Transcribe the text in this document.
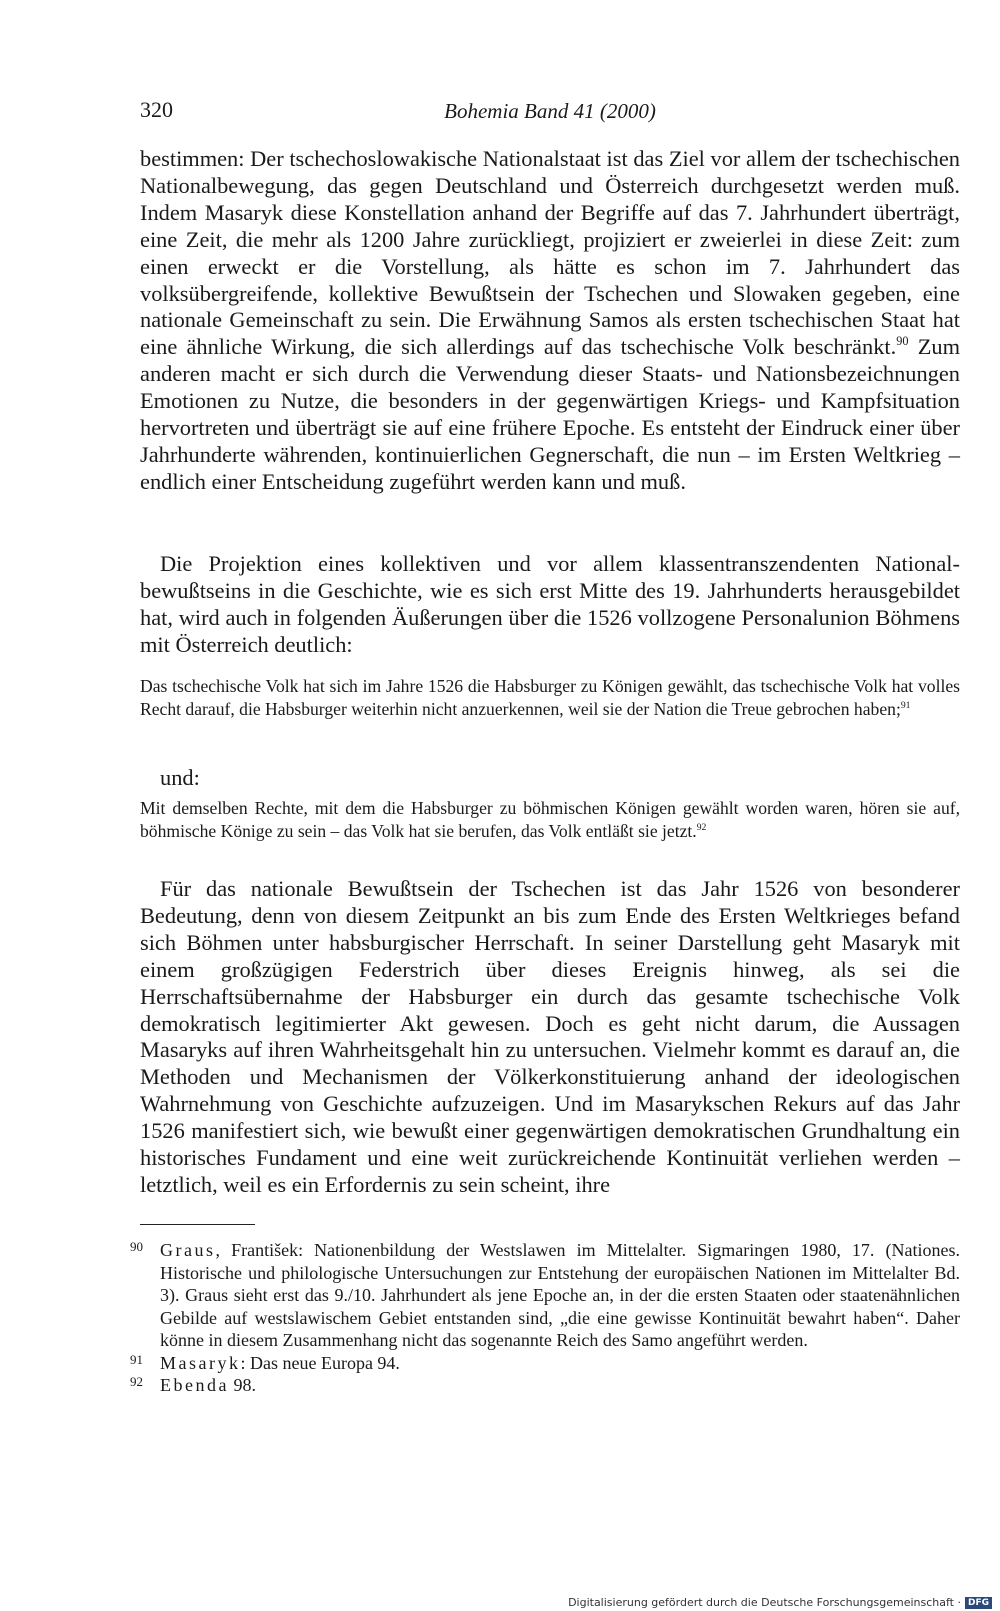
320	Bohemia Band 41 (2000)

bestimmen: Der tschechoslowakische Nationalstaat ist das Ziel vor allem der tschechischen Nationalbewegung, das gegen Deutschland und Österreich durchgesetzt werden muß. Indem Masaryk diese Konstellation anhand der Begriffe auf das 7. Jahrhundert überträgt, eine Zeit, die mehr als 1200 Jahre zurückliegt, projiziert er zweierlei in diese Zeit: zum einen erweckt er die Vorstellung, als hätte es schon im 7. Jahrhundert das volksübergreifende, kollektive Bewußtsein der Tschechen und Slowaken gegeben, eine nationale Gemeinschaft zu sein. Die Erwähnung Samos als ersten tschechischen Staat hat eine ähnliche Wirkung, die sich allerdings auf das tschechische Volk beschränkt.$^{90}$ Zum anderen macht er sich durch die Verwendung dieser Staats- und Nationsbezeichnungen Emotionen zu Nutze, die besonders in der gegenwärtigen Kriegs- und Kampfsituation hervortreten und überträgt sie auf eine frühere Epoche. Es entsteht der Eindruck einer über Jahrhunderte währenden, kontinuierlichen Gegnerschaft, die nun – im Ersten Weltkrieg – endlich einer Entscheidung zugeführt werden kann und muß.

Die Projektion eines kollektiven und vor allem klassentranszendenten Nationalbewußtseins in die Geschichte, wie es sich erst Mitte des 19. Jahrhunderts herausgebildet hat, wird auch in folgenden Äußerungen über die 1526 vollzogene Personalunion Böhmens mit Österreich deutlich:

Das tschechische Volk hat sich im Jahre 1526 die Habsburger zu Königen gewählt, das tschechische Volk hat volles Recht darauf, die Habsburger weiterhin nicht anzuerkennen, weil sie der Nation die Treue gebrochen haben;$^{91}$

und:

Mit demselben Rechte, mit dem die Habsburger zu böhmischen Königen gewählt worden waren, hören sie auf, böhmische Könige zu sein – das Volk hat sie berufen, das Volk entläßt sie jetzt.$^{92}$

Für das nationale Bewußtsein der Tschechen ist das Jahr 1526 von besonderer Bedeutung, denn von diesem Zeitpunkt an bis zum Ende des Ersten Weltkrieges befand sich Böhmen unter habsburgischer Herrschaft. In seiner Darstellung geht Masaryk mit einem großzügigen Federstrich über dieses Ereignis hinweg, als sei die Herrschaftsübernahme der Habsburger ein durch das gesamte tschechische Volk demokratisch legitimierter Akt gewesen. Doch es geht nicht darum, die Aussagen Masaryks auf ihren Wahrheitsgehalt hin zu untersuchen. Vielmehr kommt es darauf an, die Methoden und Mechanismen der Völkerkonstituierung anhand der ideologischen Wahrnehmung von Geschichte aufzuzeigen. Und im Masarykschen Rekurs auf das Jahr 1526 manifestiert sich, wie bewußt einer gegenwärtigen demokratischen Grundhaltung ein historisches Fundament und eine weit zurückreichende Kontinuität verliehen werden – letztlich, weil es ein Erfordernis zu sein scheint, ihre

90 Graus, František: Nationenbildung der Westslawen im Mittelalter. Sigmaringen 1980, 17. (Nationes. Historische und philologische Untersuchungen zur Entstehung der europäischen Nationen im Mittelalter Bd. 3). Graus sieht erst das 9./10. Jahrhundert als jene Epoche an, in der die ersten Staaten oder staatenähnlichen Gebilde auf westslawischem Gebiet entstanden sind, „die eine gewisse Kontinuität bewahrt haben“. Daher könne in diesem Zusammenhang nicht das sogenannte Reich des Samo angeführt werden.
91 Masaryk: Das neue Europa 94.
92 Ebenda 98.
Digitalisierung gefördert durch die Deutsche Forschungsgemeinschaft · DFG
